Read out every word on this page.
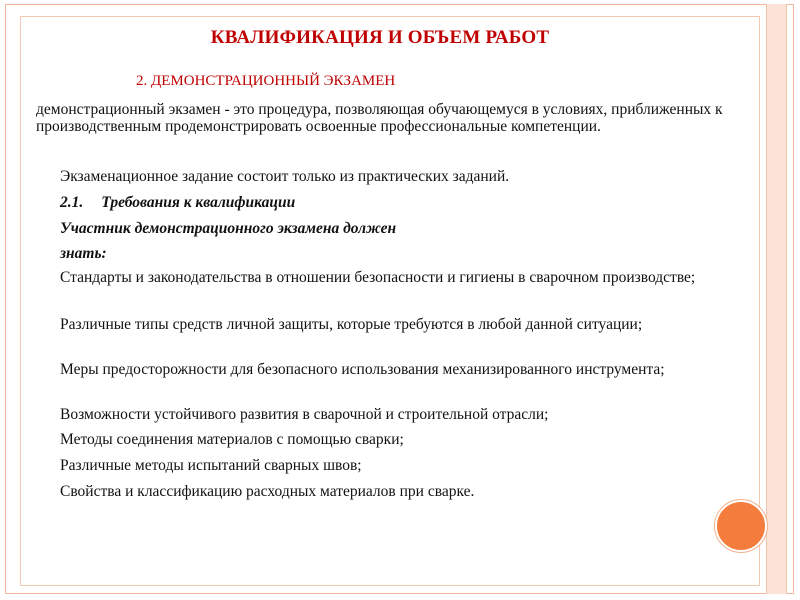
КВАЛИФИКАЦИЯ И ОБЪЕМ РАБОТ
2. ДЕМОНСТРАЦИОННЫЙ ЭКЗАМЕН
демонстрационный экзамен - это процедура, позволяющая обучающемуся в условиях, приближенных к производственным продемонстрировать освоенные профессиональные компетенции.
Экзаменационное задание состоит только из практических заданий.
2.1. Требования к квалификации
Участник демонстрационного экзамена должен
знать:
Стандарты и законодательства в отношении безопасности и гигиены в сварочном производстве;
Различные типы средств личной защиты, которые требуются в любой данной ситуации;
Меры предосторожности для безопасного использования механизированного инструмента;
Возможности устойчивого развития в сварочной и строительной отрасли;
Методы соединения материалов с помощью сварки;
Различные методы испытаний сварных швов;
Свойства и классификацию расходных материалов при сварке.
